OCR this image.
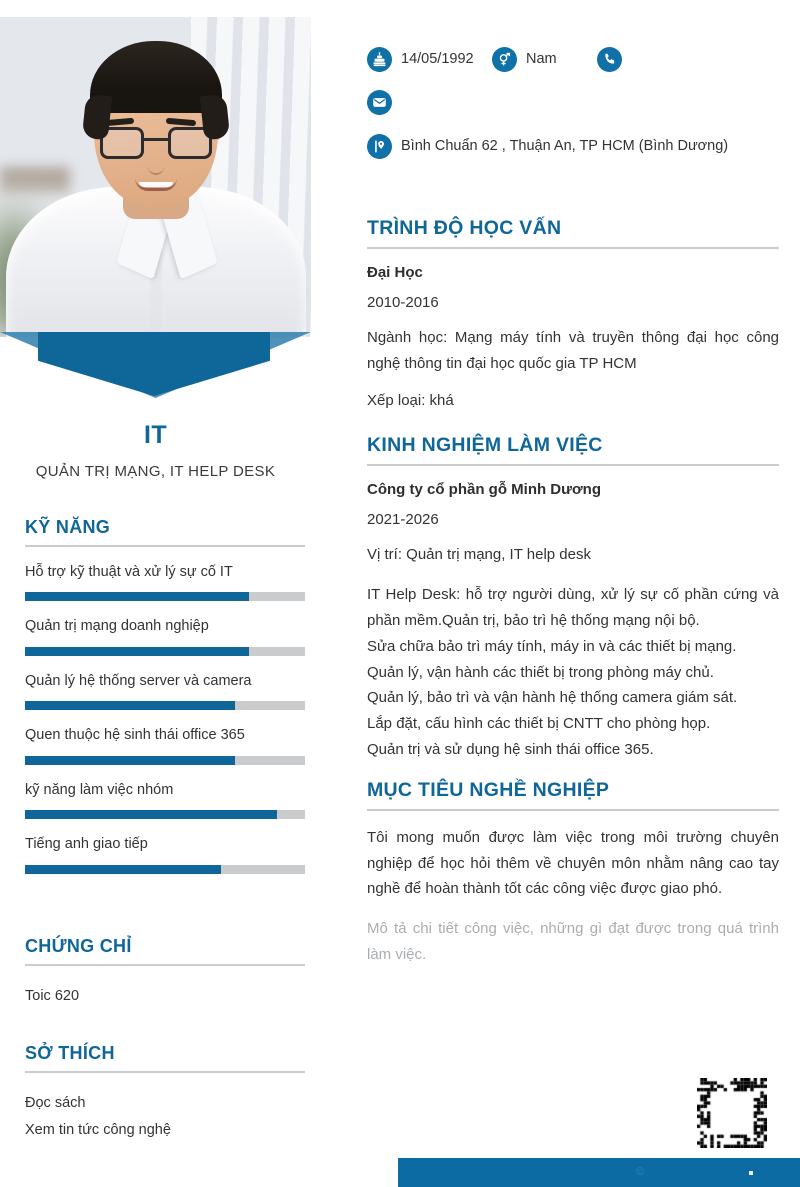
IT
QUẢN TRỊ MẠNG, IT HELP DESK
KỸ NĂNG
Hỗ trợ kỹ thuật và xử lý sự cố IT
Quản trị mạng doanh nghiệp
Quản lý hệ thống server và camera
Quen thuộc hệ sinh thái office 365
kỹ năng làm việc nhóm
Tiếng anh giao tiếp
CHỨNG CHỈ
Toic 620
SỞ THÍCH
Đọc sách
Xem tin tức công nghệ
14/05/1992	Nam
Bình Chuẩn 62 , Thuận An, TP HCM (Bình Dương)
TRÌNH ĐỘ HỌC VẤN
Đại Học
2010-2016
Ngành học: Mạng máy tính và truyền thông đại học công nghệ thông tin đại học quốc gia TP HCM
Xếp loại: khá
KINH NGHIỆM LÀM VIỆC
Công ty cổ phần gỗ Minh Dương
2021-2026
Vị trí: Quản trị mạng, IT help desk
IT Help Desk: hỗ trợ người dùng, xử lý sự cố phần cứng và phần mềm.Quản trị, bảo trì hệ thống mạng nội bộ.
Sửa chữa bảo trì máy tính, máy in và các thiết bị mạng.
Quản lý, vận hành các thiết bị trong phòng máy chủ.
Quản lý, bảo trì và vận hành hệ thống camera giám sát.
Lắp đặt, cấu hình các thiết bị CNTT cho phòng họp.
Quản trị và sử dụng hệ sinh thái office 365.
MỤC TIÊU NGHỀ NGHIỆP
Tôi mong muốn được làm việc trong môi trường chuyên nghiệp để học hỏi thêm về chuyên môn nhằm nâng cao tay nghề để hoàn thành tốt các công việc được giao phó.
Mô tả chi tiết công việc, những gì đạt được trong quá trình làm việc.
©
